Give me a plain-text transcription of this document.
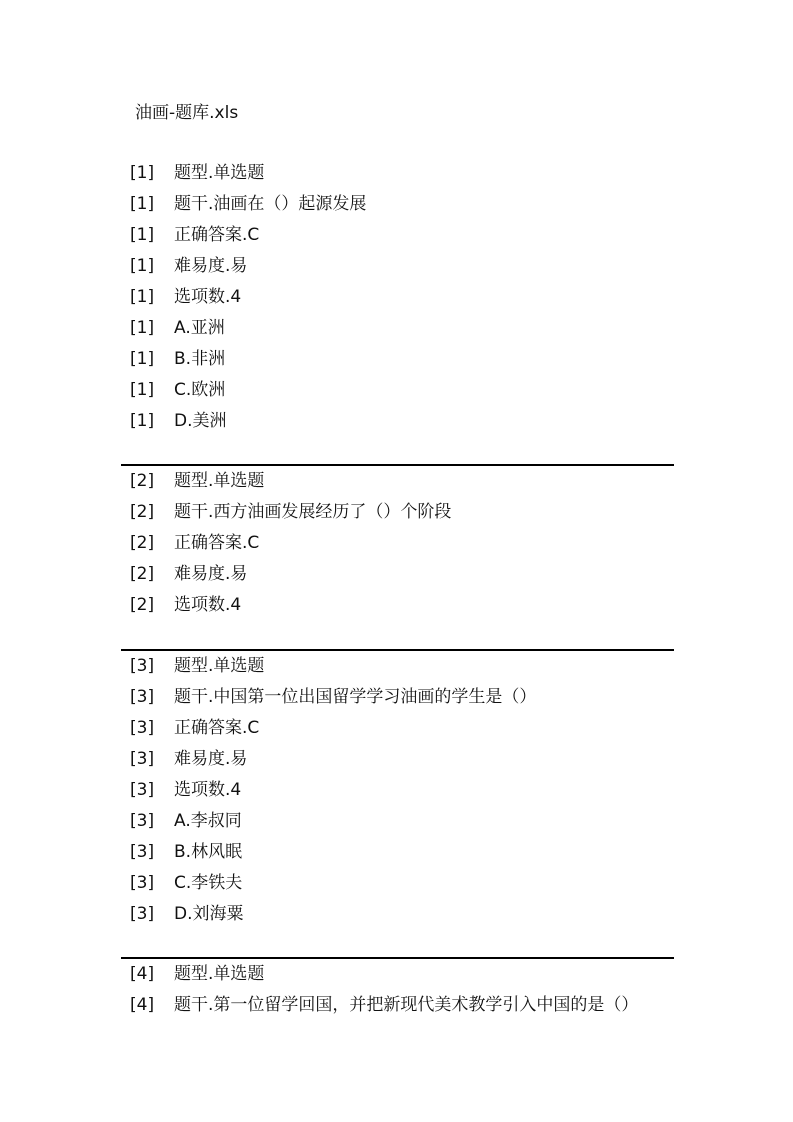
油画-题库.xls
[1] 题型.单选题
[1] 题干.油画在（）起源发展
[1] 正确答案.C
[1] 难易度.易
[1] 选项数.4
[1] A.亚洲
[1] B.非洲
[1] C.欧洲
[1] D.美洲
[2] 题型.单选题
[2] 题干.西方油画发展经历了（）个阶段
[2] 正确答案.C
[2] 难易度.易
[2] 选项数.4
[3] 题型.单选题
[3] 题干.中国第一位出国留学学习油画的学生是（）
[3] 正确答案.C
[3] 难易度.易
[3] 选项数.4
[3] A.李叔同
[3] B.林风眠
[3] C.李铁夫
[3] D.刘海粟
[4] 题型.单选题
[4] 题干.第一位留学回国，并把新现代美术教学引入中国的是（）
